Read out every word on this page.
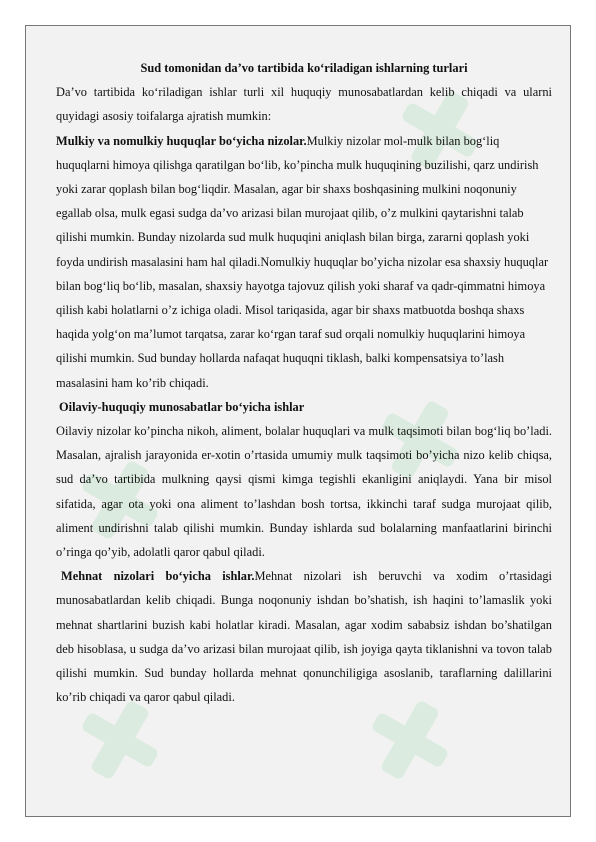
Sud tomonidan da’vo tartibida ko‘riladigan ishlarning turlari

Da’vo tartibida ko‘riladigan ishlar turli xil huquqiy munosabatlardan kelib chiqadi va ularni quyidagi asosiy toifalarga ajratish mumkin:

Mulkiy va nomulkiy huquqlar bo‘yicha nizolar.Mulkiy nizolar mol-mulk bilan bog‘liq huquqlarni himoya qilishga qaratilgan bo‘lib, ko’pincha mulk huquqining buzilishi, qarz undirish yoki zarar qoplash bilan bog‘liqdir. Masalan, agar bir shaxs boshqasining mulkini noqonuniy egallab olsa, mulk egasi sudga da’vo arizasi bilan murojaat qilib, o’z mulkini qaytarishni talab qilishi mumkin. Bunday nizolarda sud mulk huquqini aniqlash bilan birga, zararni qoplash yoki foyda undirish masalasini ham hal qiladi.Nomulkiy huquqlar bo’yicha nizolar esa shaxsiy huquqlar bilan bog‘liq bo‘lib, masalan, shaxsiy hayotga tajovuz qilish yoki sharaf va qadr-qimmatni himoya qilish kabi holatlarni o’z ichiga oladi. Misol tariqasida, agar bir shaxs matbuotda boshqa shaxs haqida yolg‘on ma’lumot tarqatsa, zarar ko‘rgan taraf sud orqali nomulkiy huquqlarini himoya qilishi mumkin. Sud bunday hollarda nafaqat huquqni tiklash, balki kompensatsiya to’lash masalasini ham ko’rib chiqadi.

Oilaviy-huquqiy munosabatlar bo‘yicha ishlar

Oilaviy nizolar ko’pincha nikoh, aliment, bolalar huquqlari va mulk taqsimoti bilan bog‘liq bo’ladi. Masalan, ajralish jarayonida er-xotin o’rtasida umumiy mulk taqsimoti bo’yicha nizo kelib chiqsa, sud da’vo tartibida mulkning qaysi qismi kimga tegishli ekanligini aniqlaydi. Yana bir misol sifatida, agar ota yoki ona aliment to’lashdan bosh tortsa, ikkinchi taraf sudga murojaat qilib, aliment undirishni talab qilishi mumkin. Bunday ishlarda sud bolalarning manfaatlarini birinchi o’ringa qo’yib, adolatli qaror qabul qiladi.

Mehnat nizolari bo‘yicha ishlar.Mehnat nizolari ish beruvchi va xodim o’rtasidagi munosabatlardan kelib chiqadi. Bunga noqonuniy ishdan bo’shatish, ish haqini to’lamaslik yoki mehnat shartlarini buzish kabi holatlar kiradi. Masalan, agar xodim sababsiz ishdan bo’shatilgan deb hisoblasa, u sudga da’vo arizasi bilan murojaat qilib, ish joyiga qayta tiklanishni va tovon talab qilishi mumkin. Sud bunday hollarda mehnat qonunchiligiga asoslanib, taraflarning dalillarini ko’rib chiqadi va qaror qabul qiladi.
